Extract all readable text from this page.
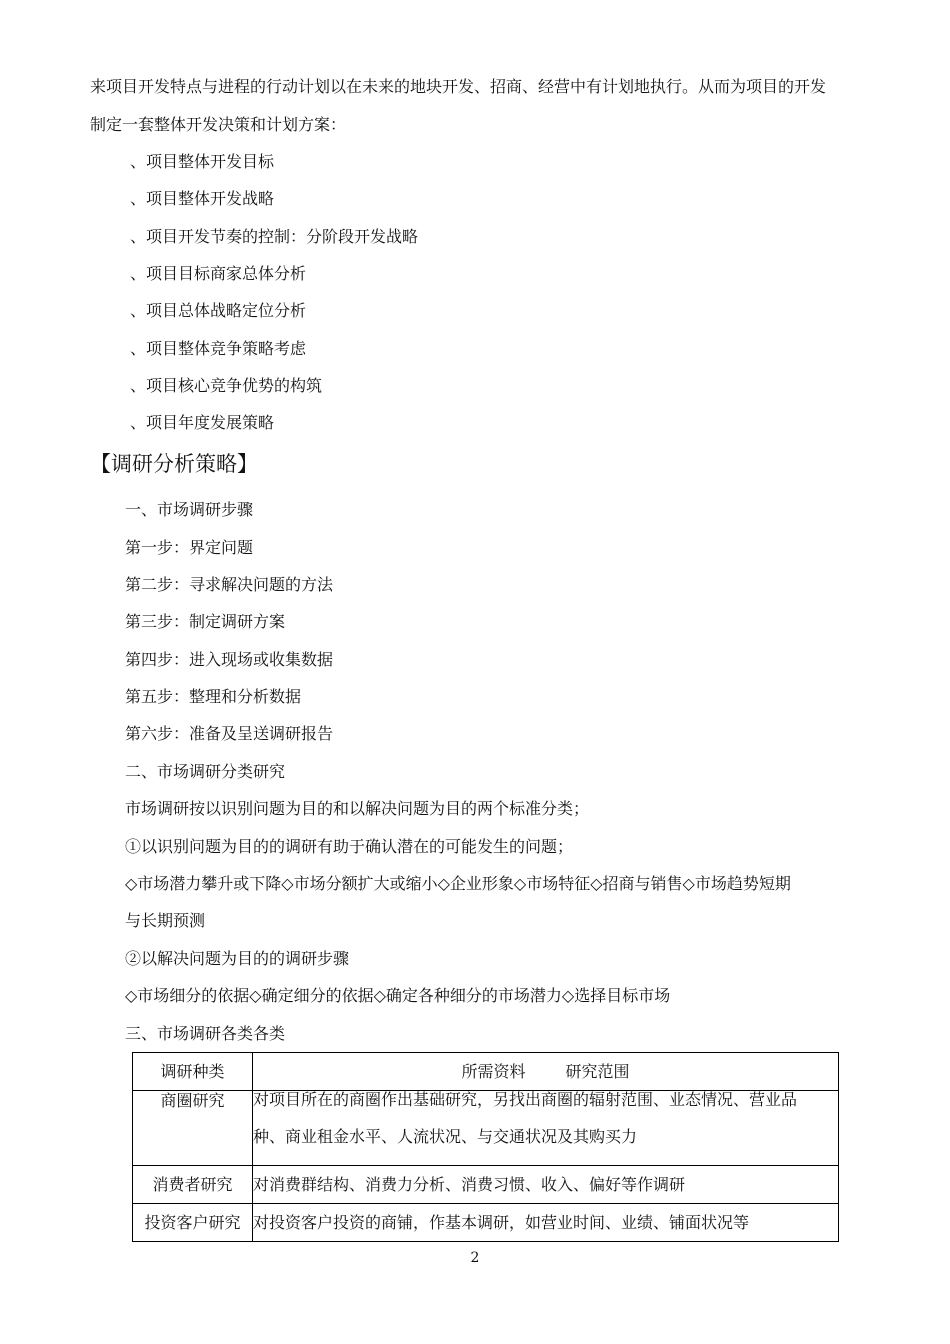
来项目开发特点与进程的行动计划以在未来的地块开发、招商、经营中有计划地执行。从而为项目的开发
制定一套整体开发决策和计划方案：
、项目整体开发目标
、项目整体开发战略
、项目开发节奏的控制：分阶段开发战略
、项目目标商家总体分析
、项目总体战略定位分析
、项目整体竞争策略考虑
、项目核心竞争优势的构筑
、项目年度发展策略
【调研分析策略】
一、市场调研步骤
第一步：界定问题
第二步：寻求解决问题的方法
第三步：制定调研方案
第四步：进入现场或收集数据
第五步：整理和分析数据
第六步：准备及呈送调研报告
二、市场调研分类研究
市场调研按以识别问题为目的和以解决问题为目的两个标准分类；
①以识别问题为目的的调研有助于确认潜在的可能发生的问题；
◇市场潜力攀升或下降◇市场分额扩大或缩小◇企业形象◇市场特征◇招商与销售◇市场趋势短期
与长期预测
②以解决问题为目的的调研步骤
◇市场细分的依据◇确定细分的依据◇确定各种细分的市场潜力◇选择目标市场
三、市场调研各类各类
调研种类	所需资料 研究范围
商圈研究	对项目所在的商圈作出基础研究，另找出商圈的辐射范围、业态情况、营业品
种、商业租金水平、人流状况、与交通状况及其购买力

消费者研究	对消费群结构、消费力分析、消费习惯、收入、偏好等作调研
投资客户研究	对投资客户投资的商铺，作基本调研，如营业时间、业绩、铺面状况等
2
